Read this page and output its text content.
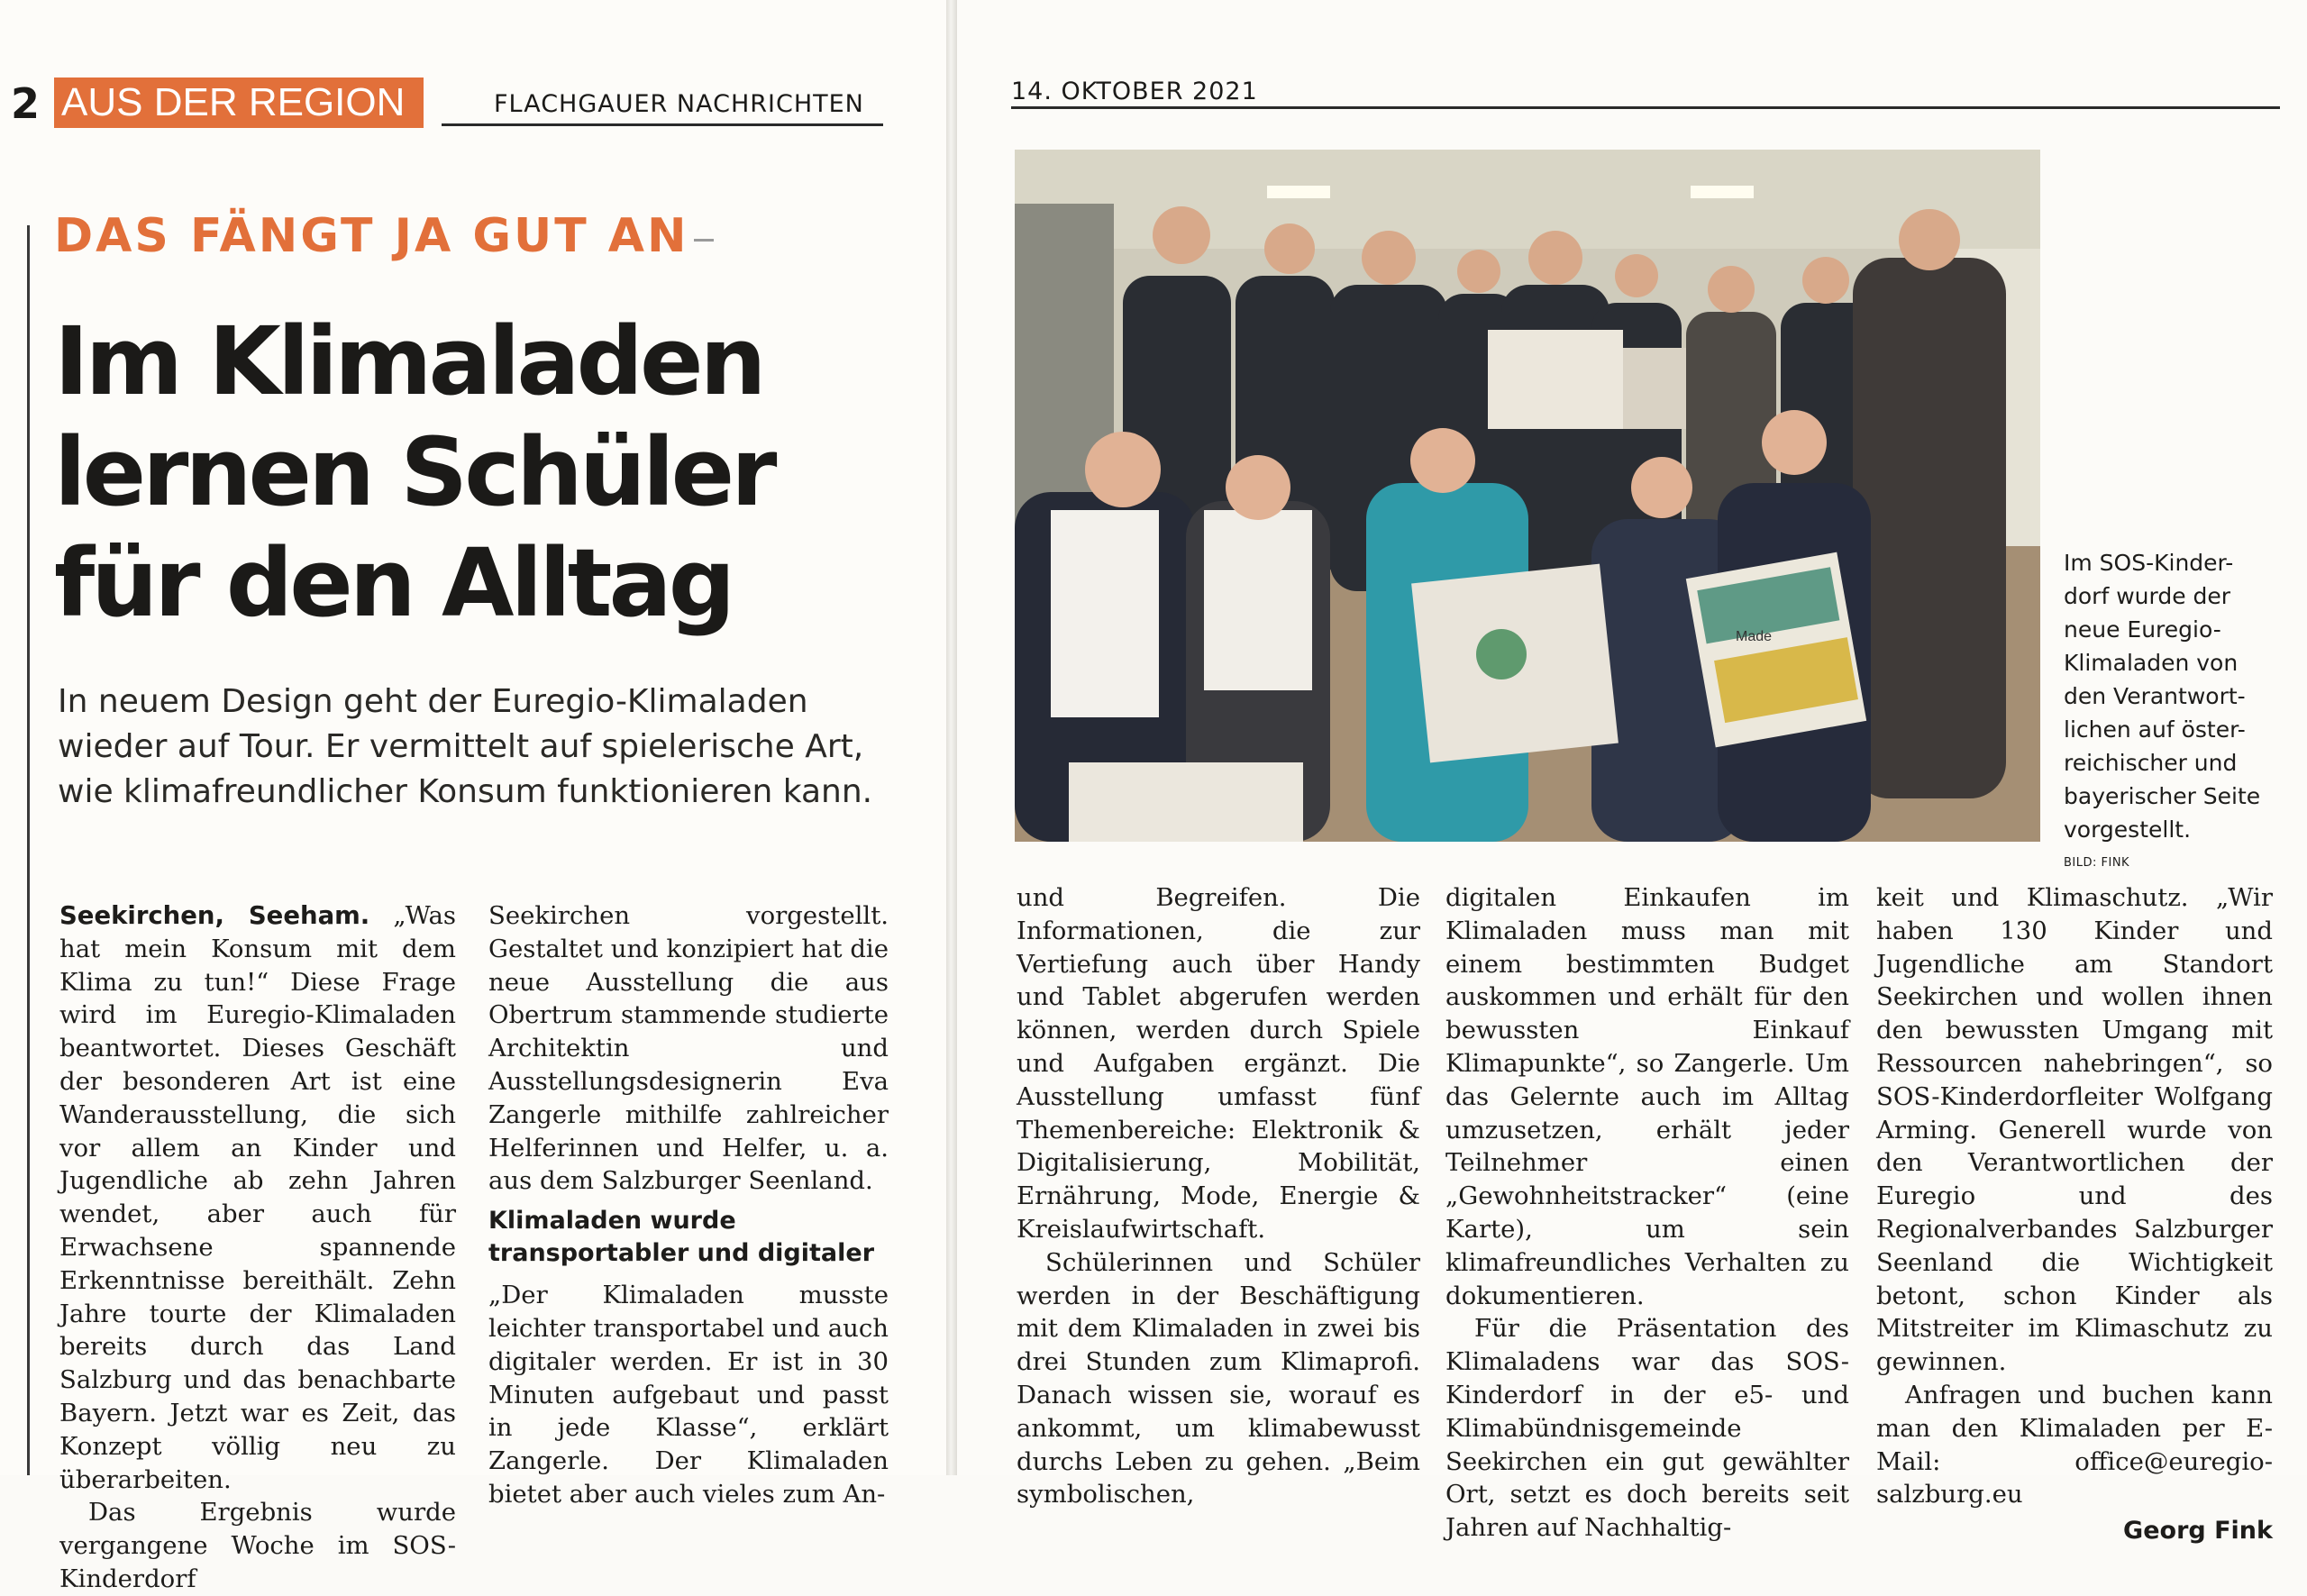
2 AUS DER REGION	FLACHGAUER NACHRICHTEN
DAS FÄNGT JA GUT AN
Im Klimaladen
lernen Schüler
für den Alltag
In neuem Design geht der Euregio-Klimaladen
wieder auf Tour. Er vermittelt auf spielerische Art,
wie klimafreundlicher Konsum funktionieren kann.

Seekirchen, Seeham. „Was hat mein Konsum mit dem Klima zu tun!“ Diese Frage wird im Euregio-Klimaladen beantwortet. Dieses Geschäft der besonderen Art ist eine Wanderausstellung, die sich vor allem an Kinder und Jugendliche ab zehn Jahren wendet, aber auch für Erwachsene spannende Erkenntnisse bereithält. Zehn Jahre tourte der Klimaladen bereits durch das Land Salzburg und das benachbarte Bayern. Jetzt war es Zeit, das Konzept völlig neu zu überarbeiten.

Das Ergebnis wurde vergangene Woche im SOS-Kinderdorf

Seekirchen vorgestellt. Gestaltet und konzipiert hat die neue Ausstellung die aus Obertrum stammende studierte Architektin und Ausstellungsdesignerin Eva Zangerle mithilfe zahlreicher Helferinnen und Helfer, u. a. aus dem Salzburger Seenland.

Klimaladen wurde transportabler und digitaler

„Der Klimaladen musste leichter transportabel und auch digitaler werden. Er ist in 30 Minuten aufgebaut und passt in jede Klasse“, erklärt Zangerle. Der Klimaladen bietet aber auch vieles zum An-

14. OKTOBER 2021
Made
Im SOS-Kinder-
dorf wurde der
neue Euregio-
Klimaladen von
den Verantwort-
lichen auf öster-
reichischer und
bayerischer Seite
vorgestellt.
BILD: FINK

und Begreifen. Die Informationen, die zur Vertiefung auch über Handy und Tablet abgerufen werden können, werden durch Spiele und Aufgaben ergänzt. Die Ausstellung umfasst fünf Themenbereiche: Elektronik & Digitalisierung, Mobilität, Ernährung, Mode, Energie & Kreislaufwirtschaft.

Schülerinnen und Schüler werden in der Beschäftigung mit dem Klimaladen in zwei bis drei Stunden zum Klimaprofi. Danach wissen sie, worauf es ankommt, um klimabewusst durchs Leben zu gehen. „Beim symbolischen,

digitalen Einkaufen im Klimaladen muss man mit einem bestimmten Budget auskommen und erhält für den bewussten Einkauf Klimapunkte“, so Zangerle. Um das Gelernte auch im Alltag umzusetzen, erhält jeder Teilnehmer einen „Gewohnheitstracker“ (eine Karte), um sein klimafreundliches Verhalten zu dokumentieren.

Für die Präsentation des Klimaladens war das SOS-Kinderdorf in der e5- und Klimabündnisgemeinde Seekirchen ein gut gewählter Ort, setzt es doch bereits seit Jahren auf Nachhaltig-

keit und Klimaschutz. „Wir haben 130 Kinder und Jugendliche am Standort Seekirchen und wollen ihnen den bewussten Umgang mit Ressourcen nahebringen“, so SOS-Kinderdorfleiter Wolfgang Arming. Generell wurde von den Verantwortlichen der Euregio und des Regionalverbandes Salzburger Seenland die Wichtigkeit betont, schon Kinder als Mitstreiter im Klimaschutz zu gewinnen.

Anfragen und buchen kann man den Klimaladen per E-Mail: office@euregio-salzburg.eu

Georg Fink
